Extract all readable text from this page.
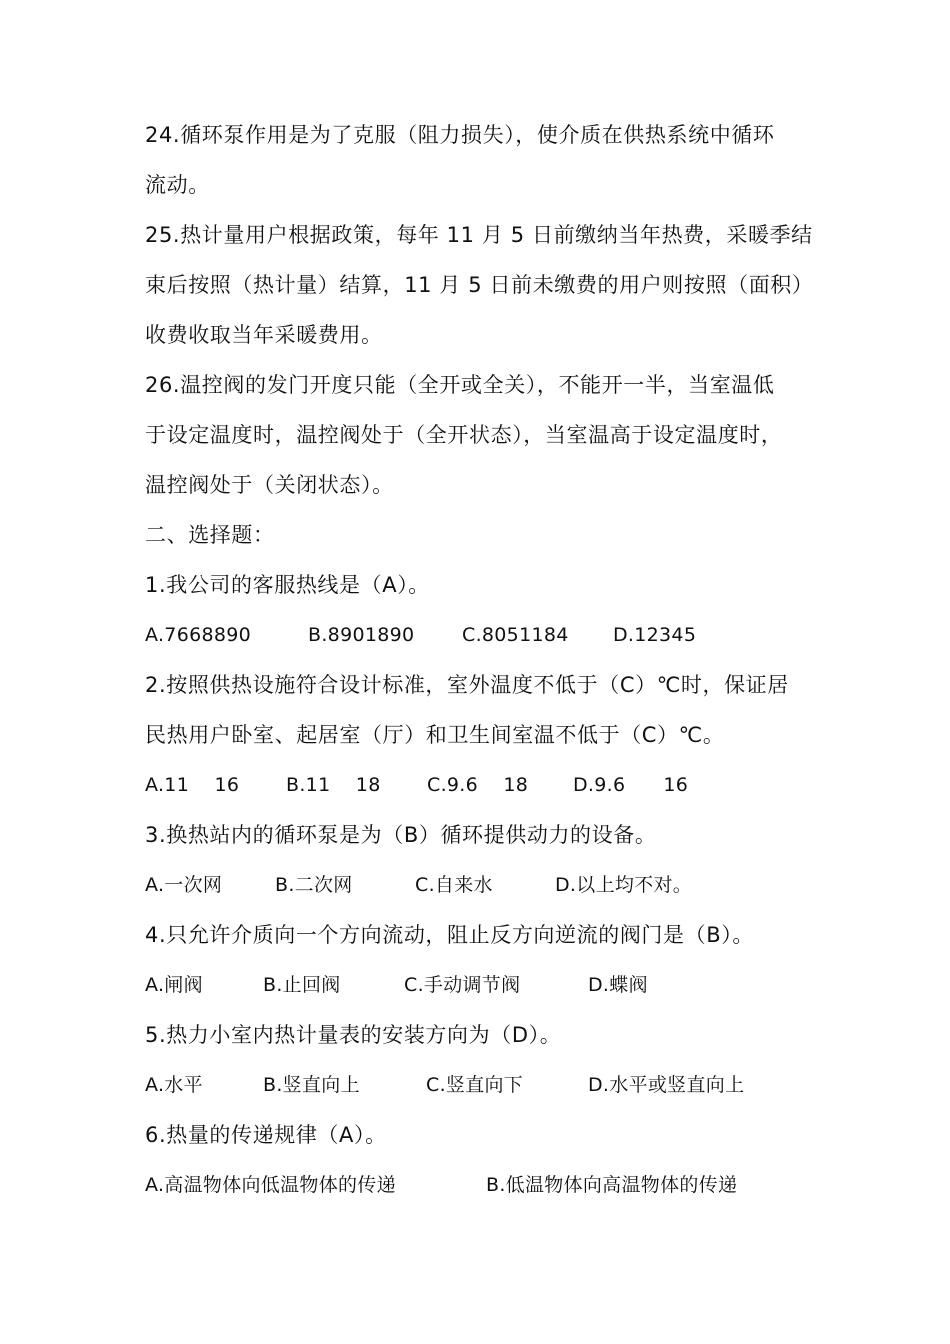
24.循环泵作用是为了克服（阻力损失），使介质在供热系统中循环
流动。
25.热计量用户根据政策，每年 11 月 5 日前缴纳当年热费，采暖季结
束后按照（热计量）结算，11 月 5 日前未缴费的用户则按照（面积）
收费收取当年采暖费用。
26.温控阀的发门开度只能（全开或全关），不能开一半，当室温低
于设定温度时，温控阀处于（全开状态），当室温高于设定温度时，
温控阀处于（关闭状态）。
二、选择题：
1.我公司的客服热线是（A）。
A.7668890	B.8901890	C.8051184 D.12345
2.按照供热设施符合设计标准，室外温度不低于（C）℃时，保证居
民热用户卧室、起居室（厅）和卫生间室温不低于（C）℃。
A.11    16 B.11    18 C.9.6    18 D.9.6      16
3.换热站内的循环泵是为（B）循环提供动力的设备。
A.一次网	B.二次网	C.自来水	D.以上均不对。
4.只允许介质向一个方向流动，阻止反方向逆流的阀门是（B）。
A.闸阀	B.止回阀	C.手动调节阀	D.蝶阀
5.热力小室内热计量表的安装方向为（D）。
A.水平	B.竖直向上	C.竖直向下	D.水平或竖直向上
6.热量的传递规律（A）。
A.高温物体向低温物体的传递	B.低温物体向高温物体的传递
